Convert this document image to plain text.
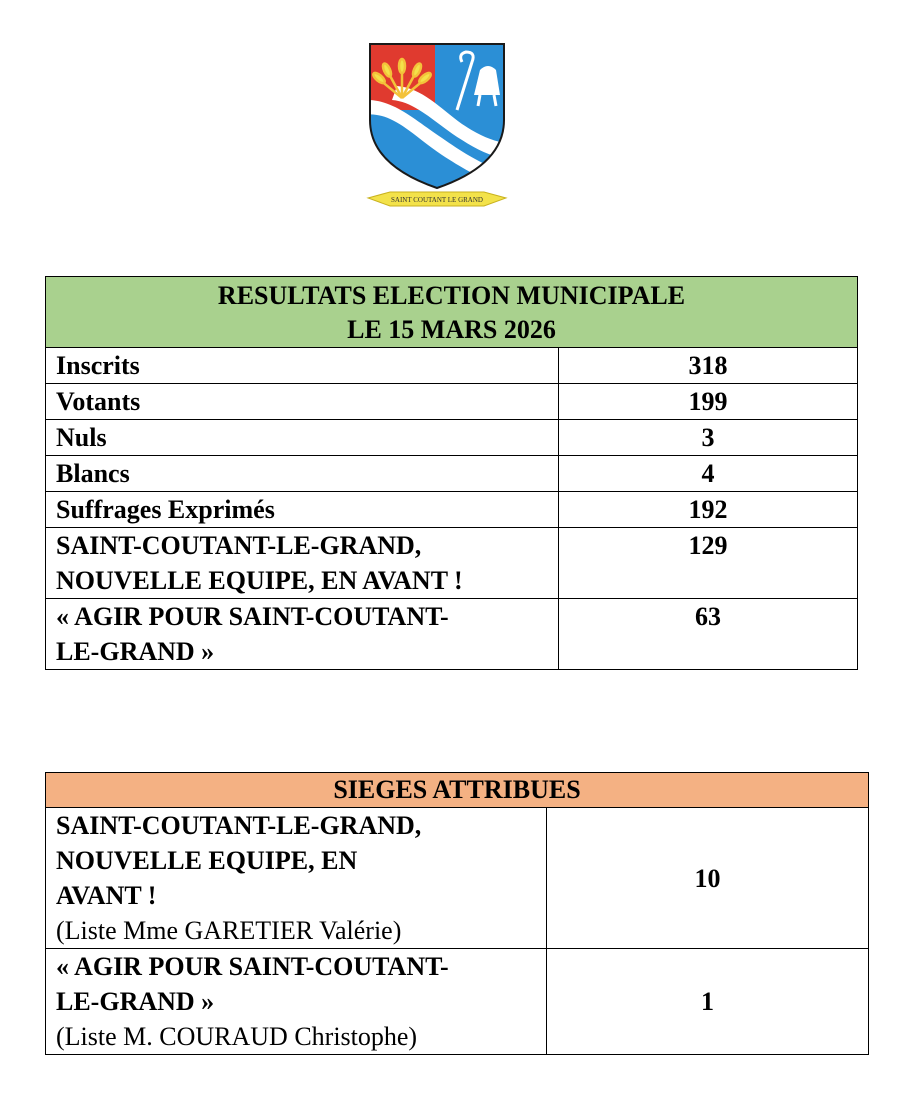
SAINT COUTANT LE GRAND
RESULTATS ELECTION MUNICIPALE
LE 15 MARS 2026	

Inscrits	318
Votants	199
Nuls	3
Blancs	4
Suffrages Exprimés	192

SAINT-COUTANT-LE-GRAND,
NOUVELLE EQUIPE, EN AVANT !	129

« AGIR POUR SAINT-COUTANT-
LE-GRAND »	63
SIEGES ATTRIBUES	

SAINT-COUTANT-LE-GRAND,
NOUVELLE EQUIPE, EN
AVANT !
(Liste Mme GARETIER Valérie)	10

« AGIR POUR SAINT-COUTANT-
LE-GRAND »
(Liste M. COURAUD Christophe)	1
